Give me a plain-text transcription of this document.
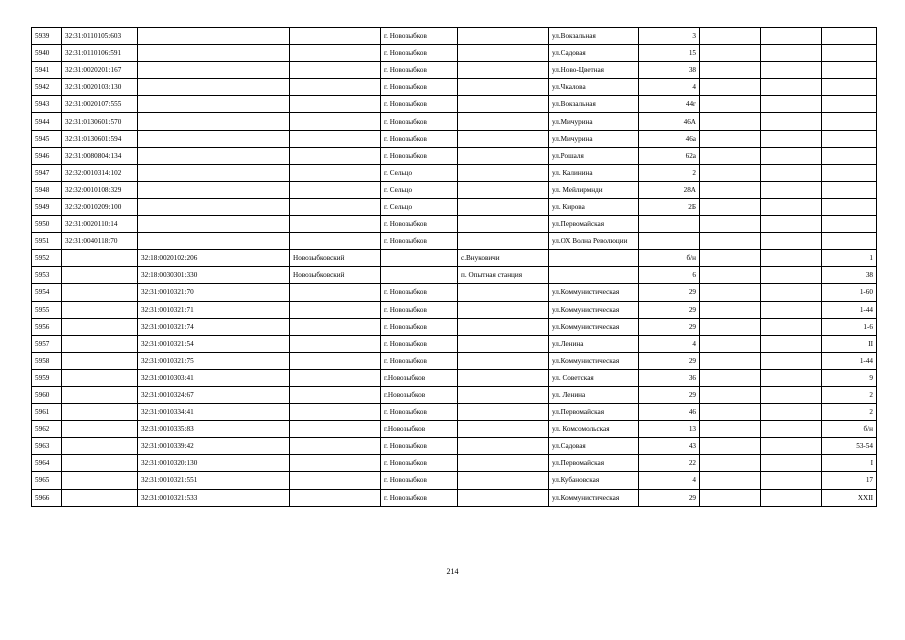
5939	32:31:0110105:603			г. Новозыбков		ул.Вокзальная	3			
5940	32:31:0110106:591			г. Новозыбков		ул.Садовая	15			
5941	32:31:0020201:167			г. Новозыбков		ул.Ново-Цветная	38			
5942	32:31:0020103:130			г. Новозыбков		ул.Чкалова	4			
5943	32:31:0020107:555			г. Новозыбков		ул.Вокзальная	44г			
5944	32:31:0130601:570			г. Новозыбков		ул.Мичурина	46А			
5945	32:31:0130601:594			г. Новозыбков		ул.Мичурина	46а			
5946	32:31:0080804:134			г. Новозыбков		ул.Рошаля	62а			
5947	32:32:0010314:102			г. Сельцо		ул. Калинина	2			
5948	32:32:0010108:329			г. Сельцо		ул. Мейлирмнди	28А			
5949	32:32:0010209:100			г. Сельцо		ул. Кирова	2Б			
5950	32:31:0020110:14			г. Новозыбков		ул.Первомайская				
5951	32:31:0040118:70			г. Новозыбков		ул.ОХ Волна Революции				
5952		32:18:0020102:206	Новозыбковский		с.Внуковичи		б/н			1
5953		32:18:0030301:330	Новозыбковский		п. Опытная станция		6			38
5954		32:31:0010321:70		г. Новозыбков		ул.Коммунистическая	29			1-60
5955		32:31:0010321:71		г. Новозыбков		ул.Коммунистическая	29			1-44
5956		32:31:0010321:74		г. Новозыбков		ул.Коммунистическая	29			1-6
5957		32:31:0010321:54		г. Новозыбков		ул.Ленина	4			II
5958		32:31:0010321:75		г. Новозыбков		ул.Коммунистическая	29			1-44
5959		32:31:0010303:41		г.Новозыбков		ул. Советская	36			9
5960		32:31:0010324:67		г.Новозыбков		ул. Ленина	29			2
5961		32:31:0010334:41		г. Новозыбков		ул.Первомайская	46			2
5962		32:31:0010335:83		г.Новозыбков		ул. Комсомольская	13			б/н
5963		32:31:0010339:42		г. Новозыбков		ул.Садовая	43			53-54
5964		32:31:0010320:130		г. Новозыбков		ул.Первомайская	22			I
5965		32:31:0010321:551		г. Новозыбков		ул.Кубановская	4			17
5966		32:31:0010321:533		г. Новозыбков		ул.Коммунистическая	29			XXII
214
